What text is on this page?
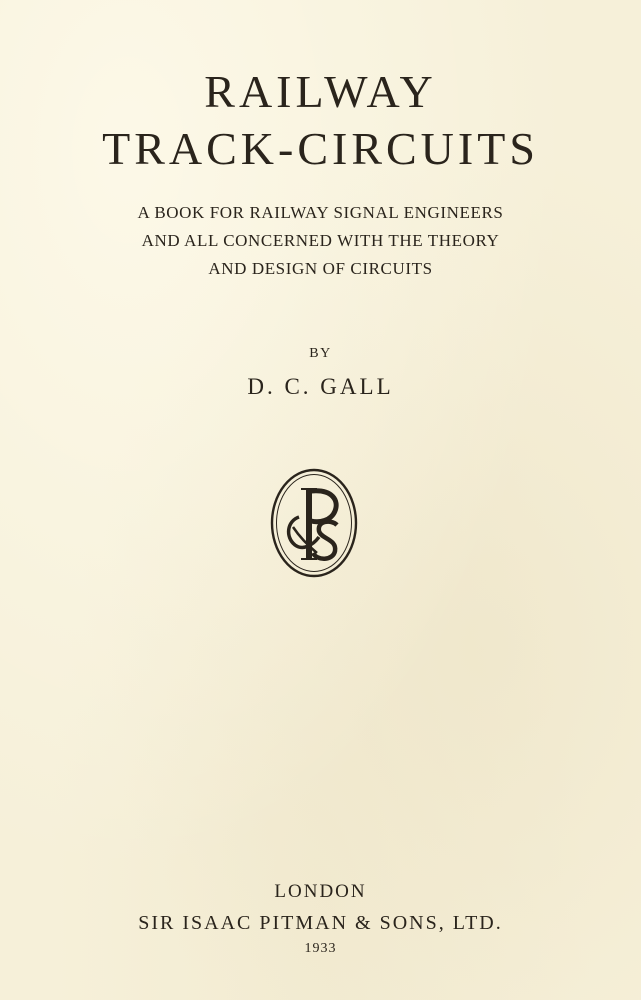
RAILWAY
TRACK-CIRCUITS
A BOOK FOR RAILWAY SIGNAL ENGINEERS
AND ALL CONCERNED WITH THE THEORY
AND DESIGN OF CIRCUITS
BY
D. C. GALL
LONDON
SIR ISAAC PITMAN & SONS, LTD.
1933
